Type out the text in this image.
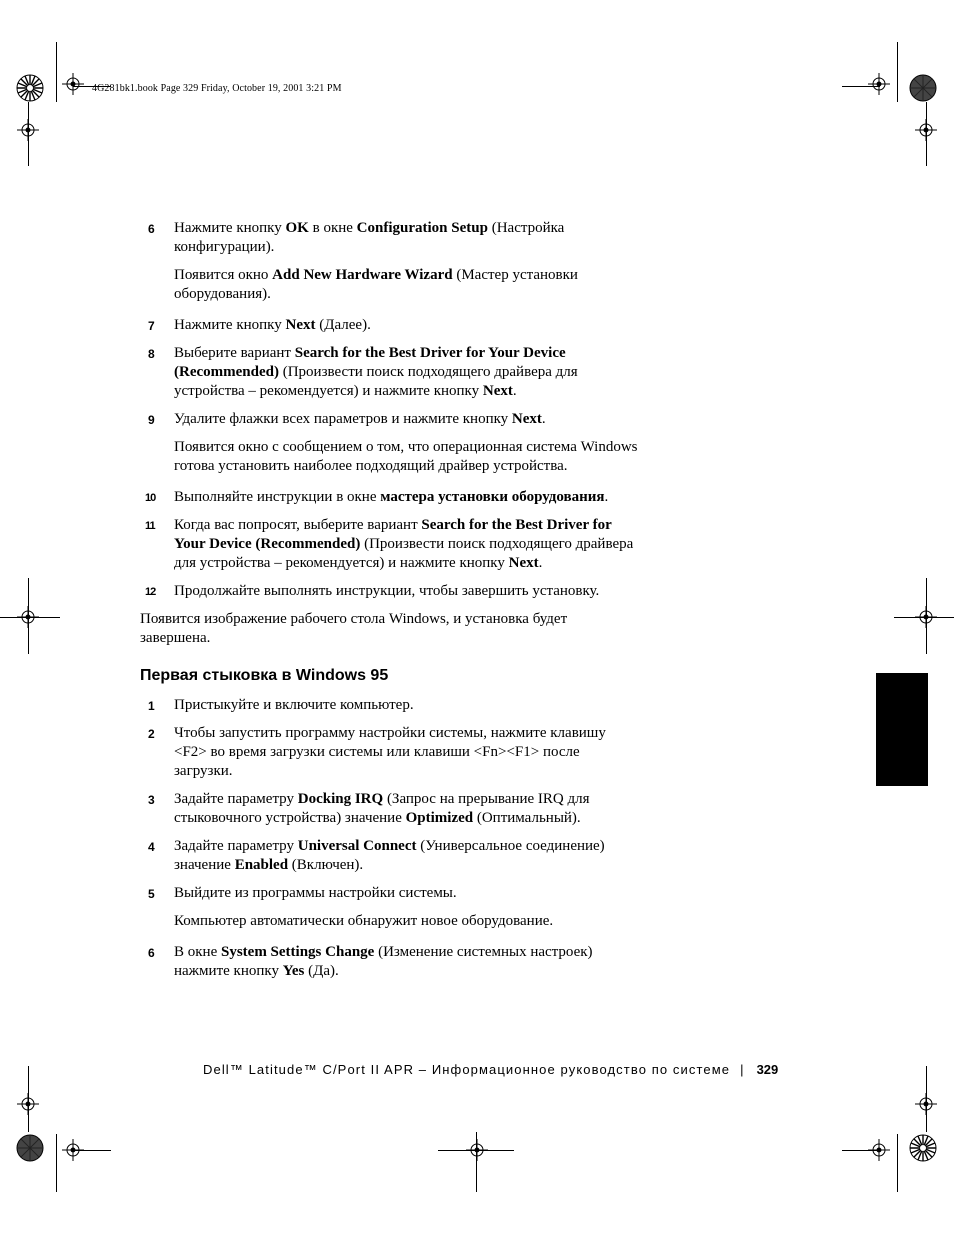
4G281bk1.book Page 329 Friday, October 19, 2001 3:21 PM
6 Нажмите кнопку OK в окне Configuration Setup (Настройка конфигурации).

Появится окно Add New Hardware Wizard (Мастер установки оборудования).

7 Нажмите кнопку Next (Далее).
8 Выберите вариант Search for the Best Driver for Your Device (Recommended) (Произвести поиск подходящего драйвера для устройства – рекомендуется) и нажмите кнопку Next.
9 Удалите флажки всех параметров и нажмите кнопку Next.

Появится окно с сообщением о том, что операционная система Windows готова установить наиболее подходящий драйвер устройства.

10 Выполняйте инструкции в окне мастера установки оборудования.
11 Когда вас попросят, выберите вариант Search for the Best Driver for Your Device (Recommended) (Произвести поиск подходящего драйвера для устройства – рекомендуется) и нажмите кнопку Next.
12 Продолжайте выполнять инструкции, чтобы завершить установку.

Появится изображение рабочего стола Windows, и установка будет завершена.

Первая стыковка в Windows 95
1 Пристыкуйте и включите компьютер.
2 Чтобы запустить программу настройки системы, нажмите клавишу <F2> во время загрузки системы или клавиши <Fn><F1> после загрузки.
3 Задайте параметру Docking IRQ (Запрос на прерывание IRQ для стыковочного устройства) значение Optimized (Оптимальный).
4 Задайте параметру Universal Connect (Универсальное соединение) значение Enabled (Включен).
5 Выйдите из программы настройки системы.

Компьютер автоматически обнаружит новое оборудование.

6 В окне System Settings Change (Изменение системных настроек) нажмите кнопку Yes (Да).
Dell™ Latitude™ C/Port II APR – Информационное руководство по системе | 329
